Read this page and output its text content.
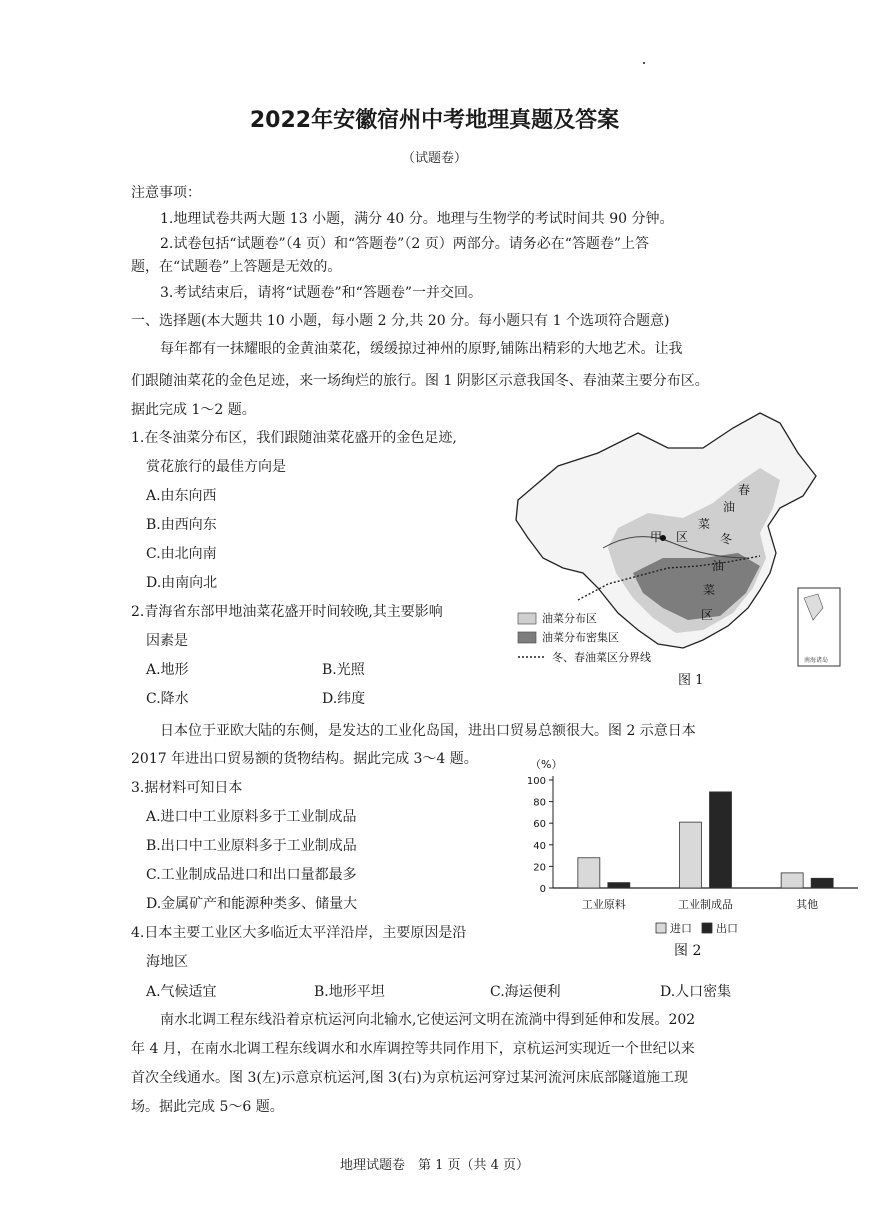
2022年安徽宿州中考地理真题及答案
（试题卷）
注意事项：
1.地理试卷共两大题 13 小题，满分 40 分。地理与生物学的考试时间共 90 分钟。
2.试卷包括“试题卷”（4 页）和“答题卷”（2 页）两部分。请务必在“答题卷”上答
题，在“试题卷”上答题是无效的。
3.考试结束后，请将“试题卷”和“答题卷”一并交回。
一、选择题(本大题共 10 小题，每小题 2 分,共 20 分。每小题只有 1 个选项符合题意)
每年都有一抹耀眼的金黄油菜花，缓缓掠过神州的原野,铺陈出精彩的大地艺术。让我
们跟随油菜花的金色足迹，来一场绚烂的旅行。图 1 阴影区示意我国冬、春油菜主要分布区。
据此完成 1～2 题。
1.在冬油菜分布区，我们跟随油菜花盛开的金色足迹,
赏花旅行的最佳方向是
A.由东向西
B.由西向东
C.由北向南
D.由南向北
2.青海省东部甲地油菜花盛开时间较晚,其主要影响
因素是
A.地形	B.光照
C.降水	D.纬度
甲
春
油
菜
区	冬
油
菜
区
南海诸岛
油菜分布区
油菜分布密集区
冬、春油菜区分界线
图 1
日本位于亚欧大陆的东侧，是发达的工业化岛国，进出口贸易总额很大。图 2 示意日本
2017 年进出口贸易额的货物结构。据此完成 3～4 题。
3.据材料可知日本
A.进口中工业原料多于工业制成品
B.出口中工业原料多于工业制成品
C.工业制成品进口和出口量都最多
D.金属矿产和能源种类多、储量大
4.日本主要工业区大多临近太平洋沿岸，主要原因是沿
海地区
A.气候适宜	B.地形平坦	C.海运便利	D.人口密集
（%）
0
20
40
60
80
100
工业原料	工业制成品	其他
进口 出口
图 2
南水北调工程东线沿着京杭运河向北输水,它使运河文明在流淌中得到延伸和发展。202
年 4 月，在南水北调工程东线调水和水库调控等共同作用下，京杭运河实现近一个世纪以来
首次全线通水。图 3(左)示意京杭运河,图 3(右)为京杭运河穿过某河流河床底部隧道施工现
场。据此完成 5～6 题。
地理试题卷　第 1 页（共 4 页）
